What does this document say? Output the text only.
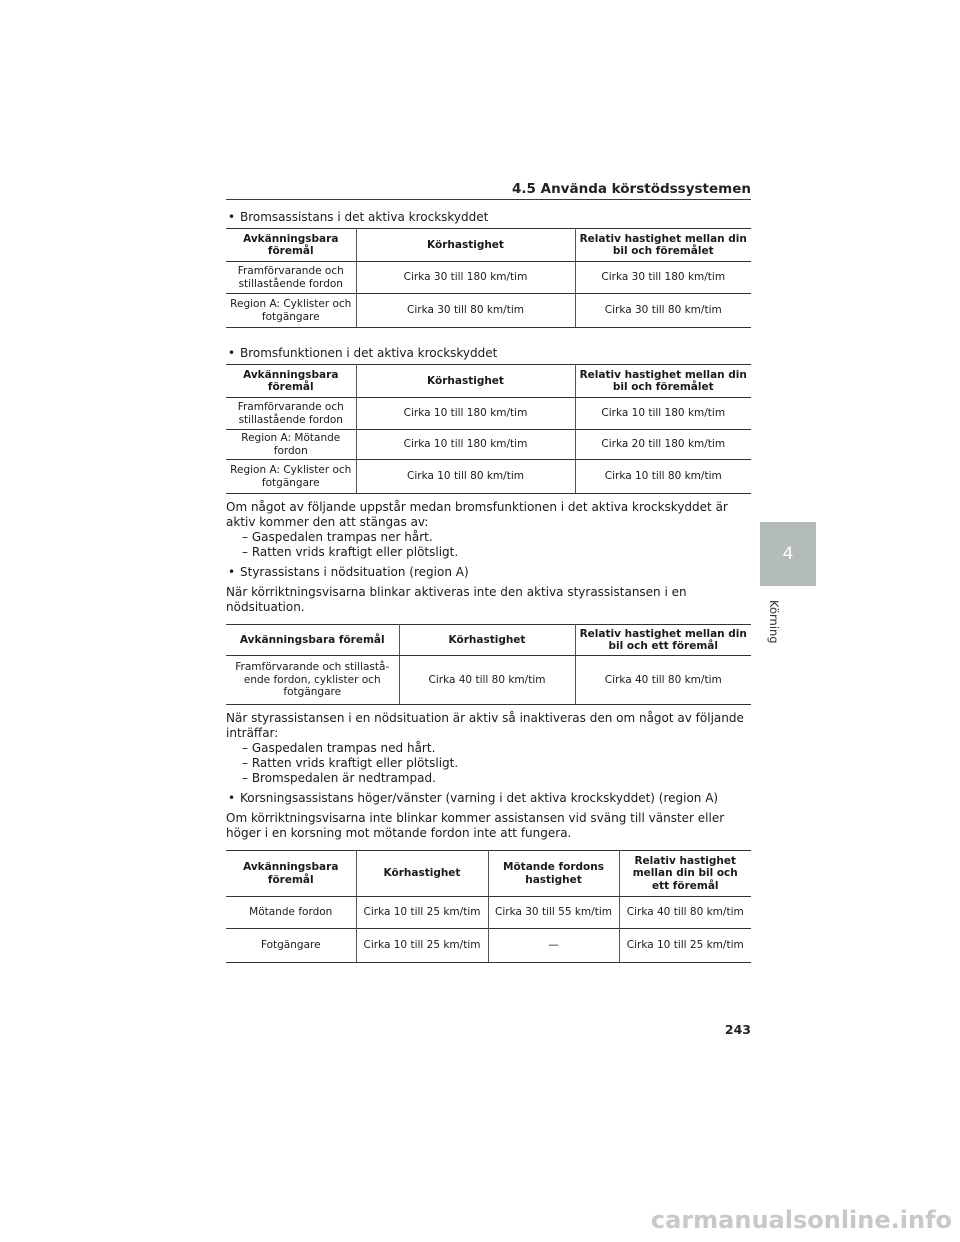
4.5 Använda körstödssystemen

• Bromsassistans i det aktiva krockskyddet

Avkänningsbara föremål	Körhastighet	Relativ hastighet mellan din bil och föremålet
Framförvarande och stillastående fordon	Cirka 30 till 180 km/tim	Cirka 30 till 180 km/tim
Region A: Cyklister och fotgängare	Cirka 30 till 80 km/tim	Cirka 30 till 80 km/tim

• Bromsfunktionen i det aktiva krockskyddet

Avkänningsbara föremål	Körhastighet	Relativ hastighet mellan din bil och föremålet
Framförvarande och stillastående fordon	Cirka 10 till 180 km/tim	Cirka 10 till 180 km/tim
Region A: Mötande fordon	Cirka 10 till 180 km/tim	Cirka 20 till 180 km/tim
Region A: Cyklister och fotgängare	Cirka 10 till 80 km/tim	Cirka 10 till 80 km/tim

Om något av följande uppstår medan bromsfunktionen i det aktiva krockskyddet är aktiv kommer den att stängas av:

– Gaspedalen trampas ner hårt.

– Ratten vrids kraftigt eller plötsligt.

• Styrassistans i nödsituation (region A)

När körriktningsvisarna blinkar aktiveras inte den aktiva styrassistansen i en nödsituation.

Avkänningsbara föremål	Körhastighet	Relativ hastighet mellan din bil och ett föremål
Framförvarande och stillastå-ende fordon, cyklister och fotgängare	Cirka 40 till 80 km/tim	Cirka 40 till 80 km/tim

När styrassistansen i en nödsituation är aktiv så inaktiveras den om något av följande inträffar:

– Gaspedalen trampas ned hårt.

– Ratten vrids kraftigt eller plötsligt.

– Bromspedalen är nedtrampad.

• Korsningsassistans höger/vänster (varning i det aktiva krockskyddet) (region A)

Om körriktningsvisarna inte blinkar kommer assistansen vid sväng till vänster eller höger i en korsning mot mötande fordon inte att fungera.

Avkänningsbara föremål	Körhastighet	Mötande fordons hastighet	Relativ hastighet mellan din bil och ett föremål
Mötande fordon	Cirka 10 till 25 km/tim	Cirka 30 till 55 km/tim	Cirka 40 till 80 km/tim
Fotgängare	Cirka 10 till 25 km/tim	—	Cirka 10 till 25 km/tim
4
Körning
243
carmanualsonline.info
